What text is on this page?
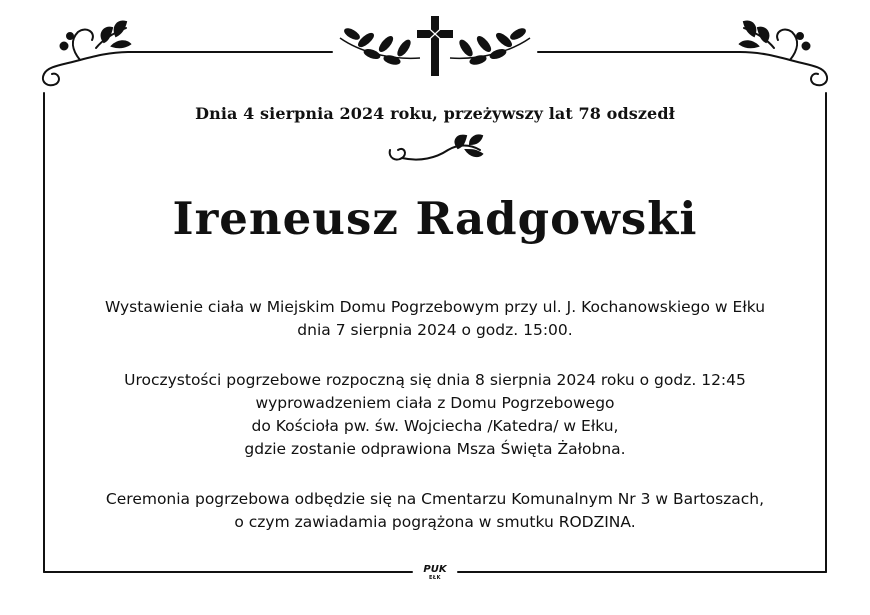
Dnia 4 sierpnia 2024 roku, przeżywszy lat 78 odszedł
Ireneusz Radgowski
Wystawienie ciała w Miejskim Domu Pogrzebowym przy ul. J. Kochanowskiego w Ełku
dnia 7 sierpnia 2024 o godz. 15:00.
Uroczystości pogrzebowe rozpoczną się dnia 8 sierpnia 2024 roku o godz. 12:45
wyprowadzeniem ciała z Domu Pogrzebowego
do Kościoła pw. św. Wojciecha /Katedra/ w Ełku,
gdzie zostanie odprawiona Msza Święta Żałobna.
Ceremonia pogrzebowa odbędzie się na Cmentarzu Komunalnym Nr 3 w Bartoszach,
o czym zawiadamia pogrążona w smutku RODZINA.
PUK
EŁK
